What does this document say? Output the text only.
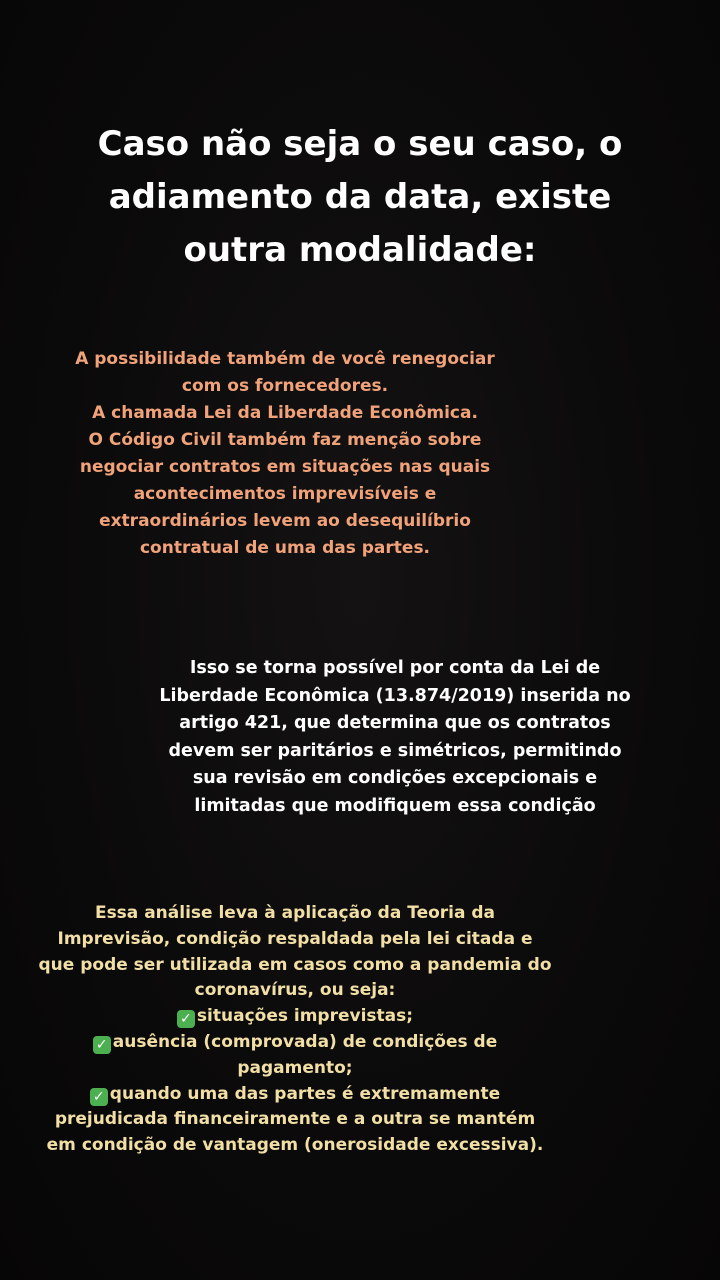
Caso não seja o seu caso, o
adiamento da data, existe
outra modalidade:
A possibilidade também de você renegociar
com os fornecedores.
A chamada Lei da Liberdade Econômica.
O Código Civil também faz menção sobre
negociar contratos em situações nas quais
acontecimentos imprevisíveis e
extraordinários levem ao desequilíbrio
contratual de uma das partes.
Isso se torna possível por conta da Lei de
Liberdade Econômica (13.874/2019) inserida no
artigo 421, que determina que os contratos
devem ser paritários e simétricos, permitindo
sua revisão em condições excepcionais e
limitadas que modifiquem essa condição
Essa análise leva à aplicação da Teoria da
Imprevisão, condição respaldada pela lei citada e
que pode ser utilizada em casos como a pandemia do
coronavírus, ou seja:
✓ situações imprevistas;
✓ ausência (comprovada) de condições de
pagamento;
✓ quando uma das partes é extremamente
prejudicada financeiramente e a outra se mantém
em condição de vantagem (onerosidade excessiva).
